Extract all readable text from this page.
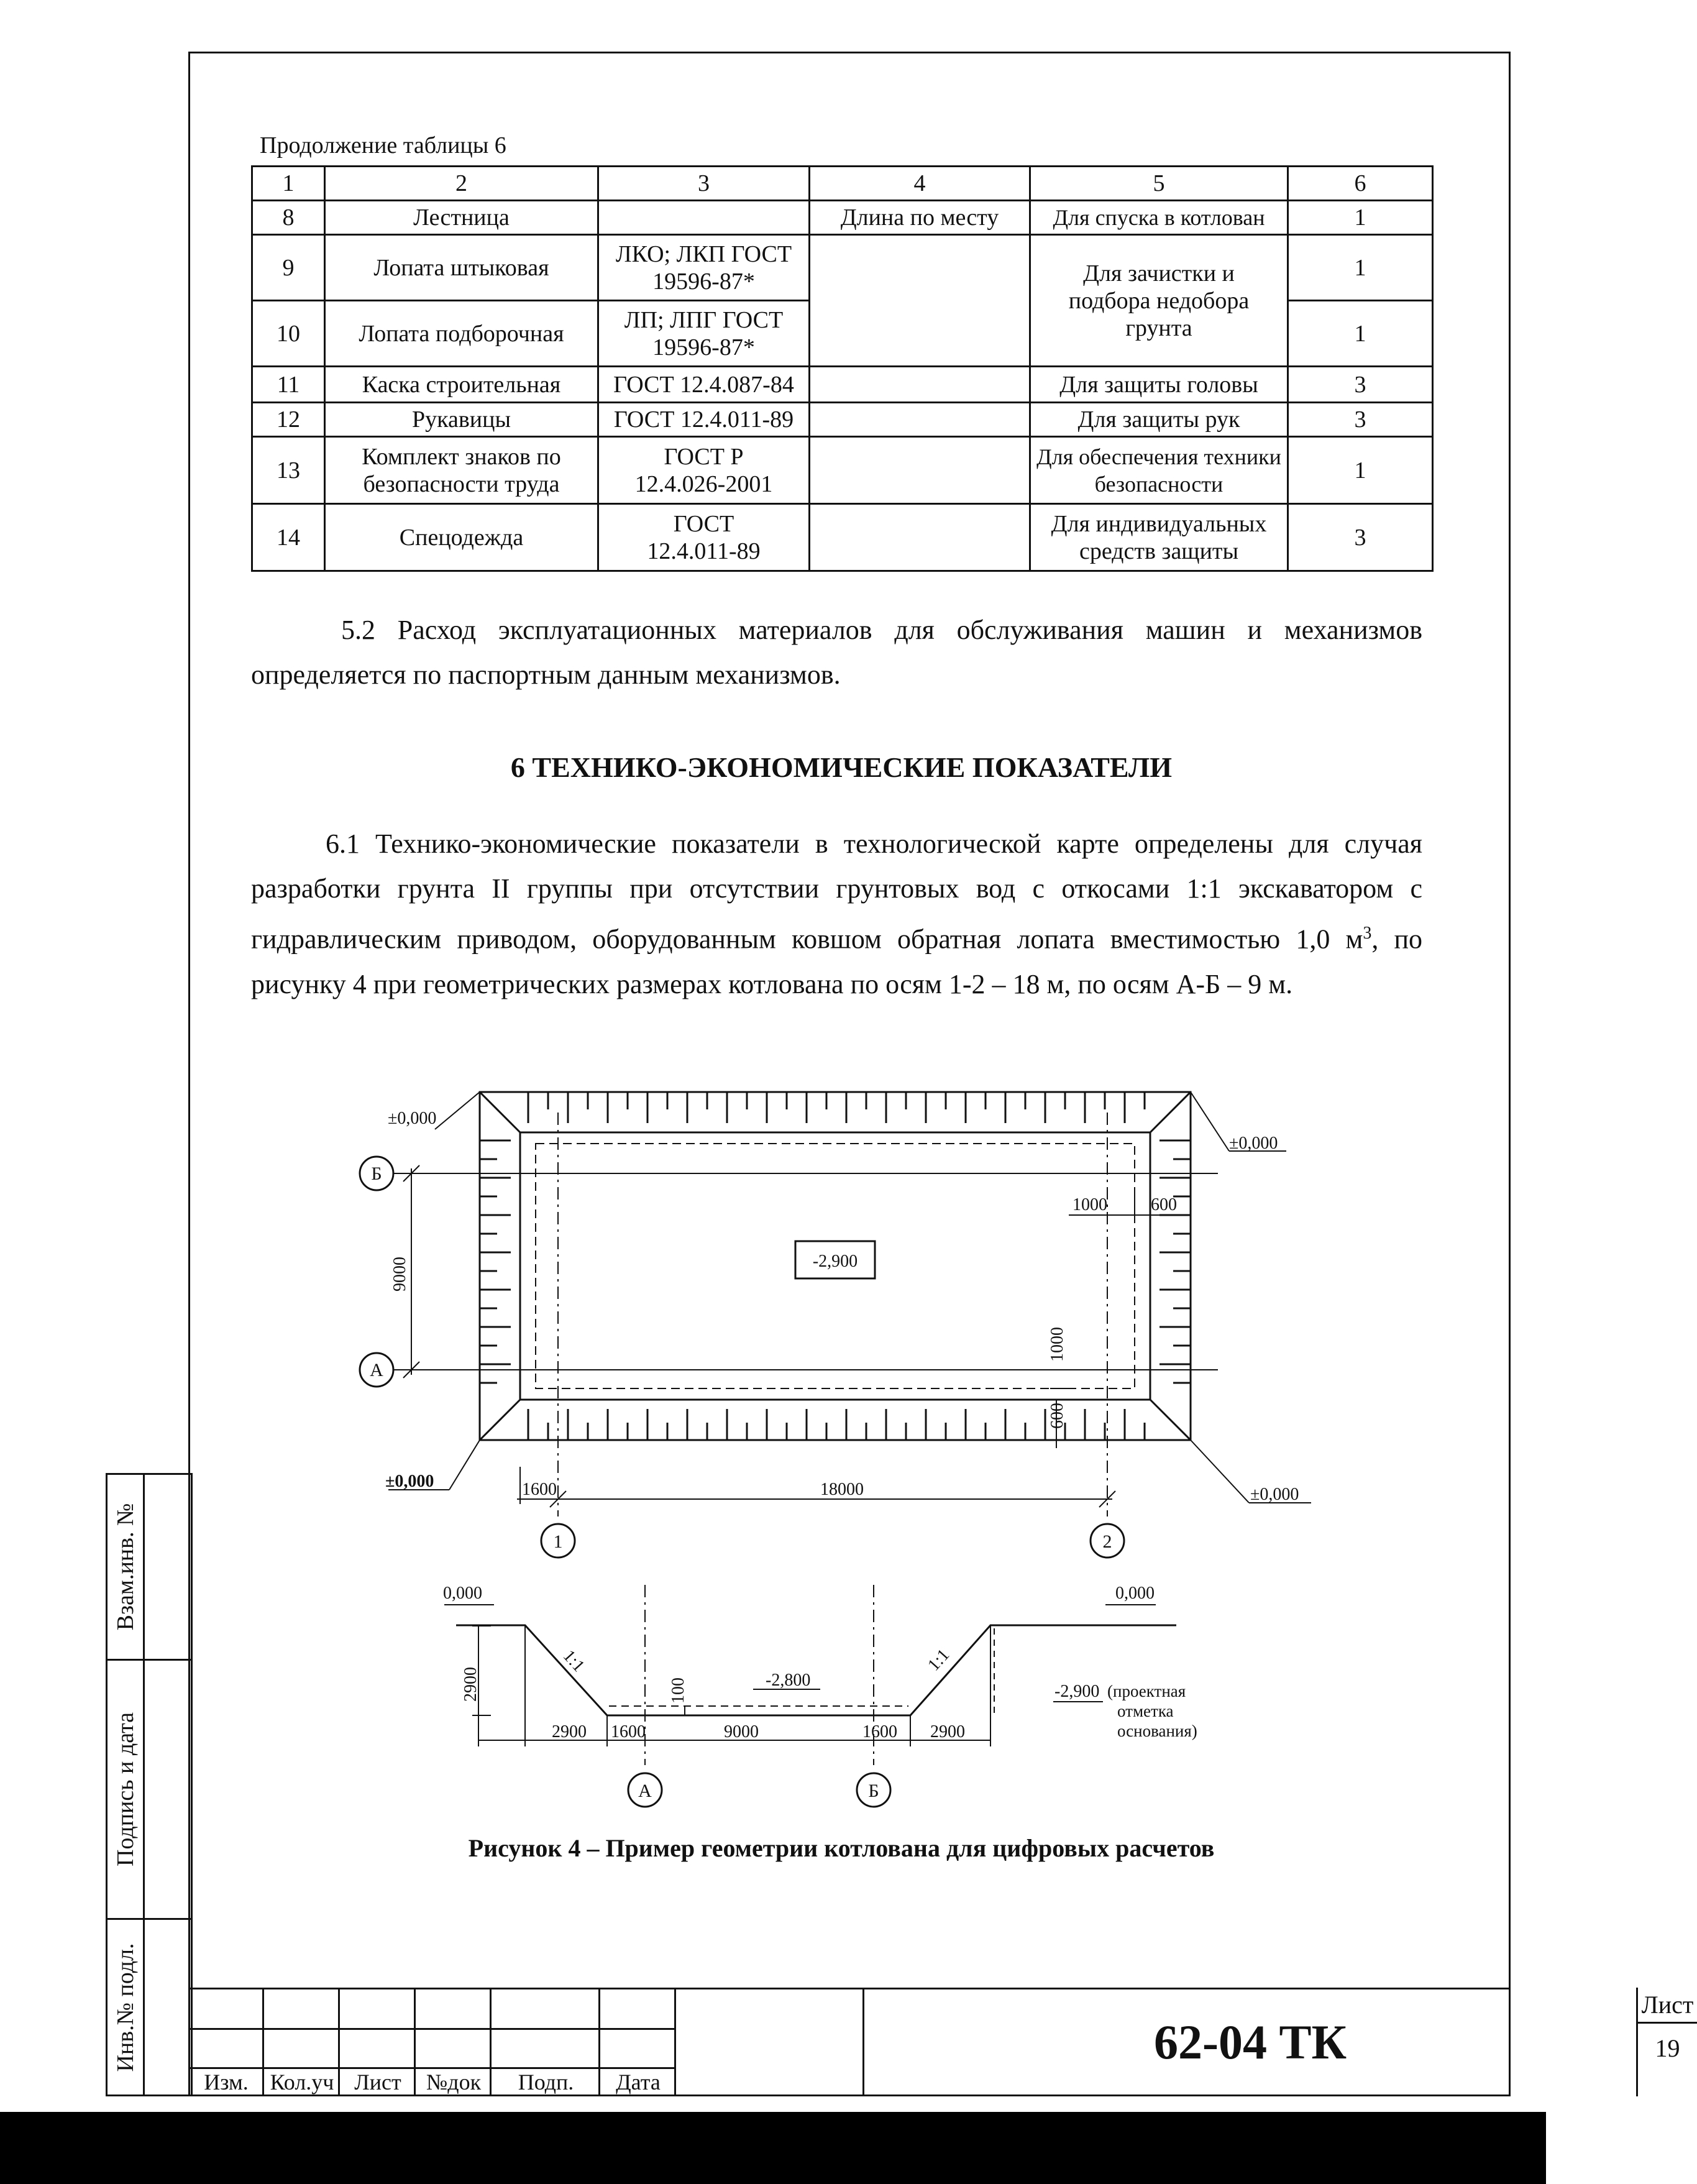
Продолжение таблицы 6
1	2	3	4	5	6
8	Лестница		Длина по месту	Для спуска в котлован	1
9	Лопата штыковая	ЛКО; ЛКП ГОСТ 19596-87*		Для зачистки и подбора недобора грунта	1
10	Лопата подборочная	ЛП; ЛПГ ГОСТ 19596-87*			1
11	Каска строительная	ГОСТ 12.4.087-84		Для защиты головы	3
12	Рукавицы	ГОСТ 12.4.011-89		Для защиты рук	3
13	Комплект знаков по безопасности труда	ГОСТ Р 12.4.026-2001		Для обеспечения техники безопасности	1
14	Спецодежда	ГОСТ 12.4.011-89		Для индивидуальных средств защиты	3
5.2 Расход эксплуатационных материалов для обслуживания машин и механизмов определяется по паспортным данным механизмов.
6 ТЕХНИКО-ЭКОНОМИЧЕСКИЕ ПОКАЗАТЕЛИ
6.1 Технико-экономические показатели в технологической карте определены для случая разработки грунта II группы при отсутствии грунтовых вод с откосами 1:1 экскаватором с гидравлическим приводом, оборудованным ковшом обратная лопата вместимостью 1,0 $м^3$, по рисунку 4 при геометрических размерах котлована по осям 1-2 – 18 м, по осям А-Б – 9 м.
±0,000
±0,000
±0,000
±0,000
-2,900
Б
А
1	2
18000
1600
1000	600
9000
1000
600
0,000	0,000
1:1	1:1
2900	100	-2,800
-2,900 (проектная
отметка
основания)
2900 1600	9000	1600 2900
А	Б
Рисунок 4 – Пример геометрии котлована для цифровых расчетов
Взам.инв. №
Подпись и дата
Инв.№ подл.
Изм. Кол.уч Лист	№док	Подп.	Дата
62-04 ТК
Лист
19
